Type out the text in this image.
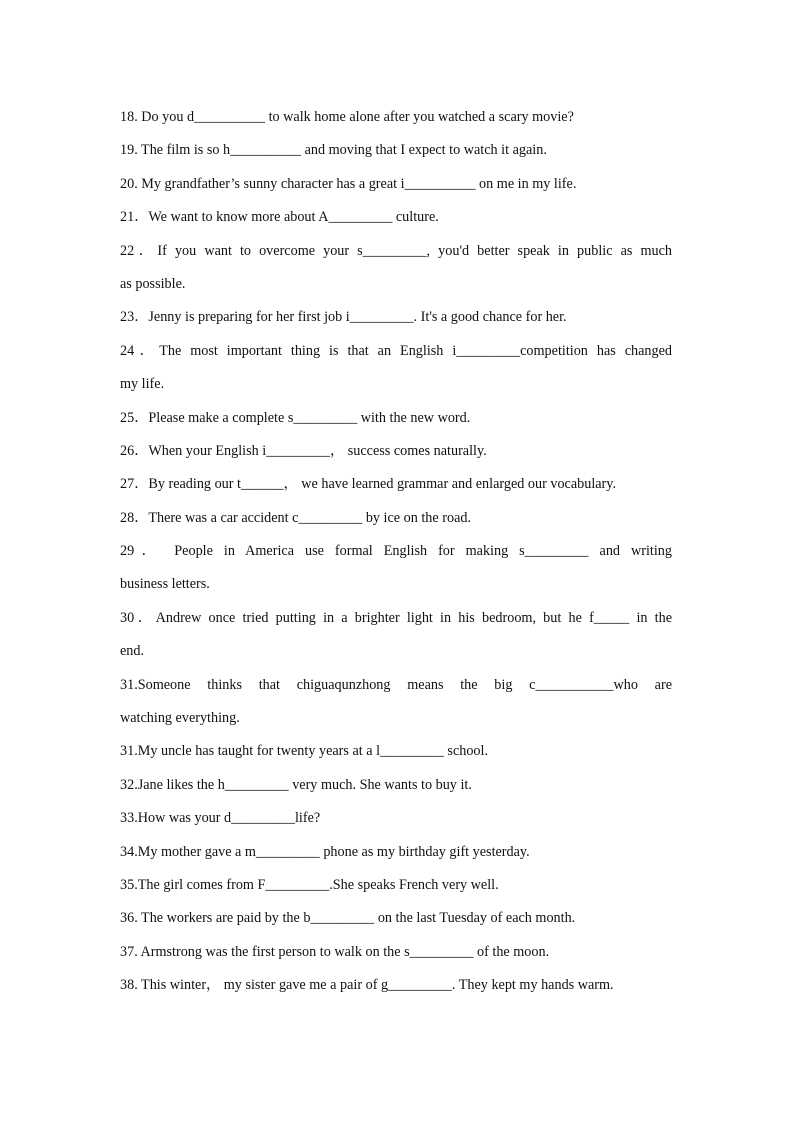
18. Do you d__________ to walk home alone after you watched a scary movie?
19. The film is so h__________ and moving that I expect to watch it again.
20. My grandfather’s sunny character has a great i__________ on me in my life.
21．We want to know more about A_________ culture.
22．If you want to overcome your s_________, you'd better speak in public as much
as possible.
23．Jenny is preparing for her first job i_________. It's a good chance for her.
24．The most important thing is that an English i_________competition has changed
my life.
25．Please make a complete s_________ with the new word.
26．When your English i_________， success comes naturally.
27．By reading our t______， we have learned grammar and enlarged our vocabulary.
28．There was a car accident c_________ by ice on the road.
29． People in America use formal English for making s_________ and writing
business letters.
30．Andrew once tried putting in a brighter light in his bedroom, but he f_____ in the
end.
31.Someone thinks that chiguaqunzhong means the big c___________who are
watching everything.
31.My uncle has taught for twenty years at a l_________ school.
32.Jane likes the h_________ very much. She wants to buy it.
33.How was your d_________life?
34.My mother gave a m_________ phone as my birthday gift yesterday.
35.The girl comes from F_________.She speaks French very well.
36. The workers are paid by the b_________ on the last Tuesday of each month.
37. Armstrong was the first person to walk on the s_________ of the moon.
38. This winter， my sister gave me a pair of g_________. They kept my hands warm.
